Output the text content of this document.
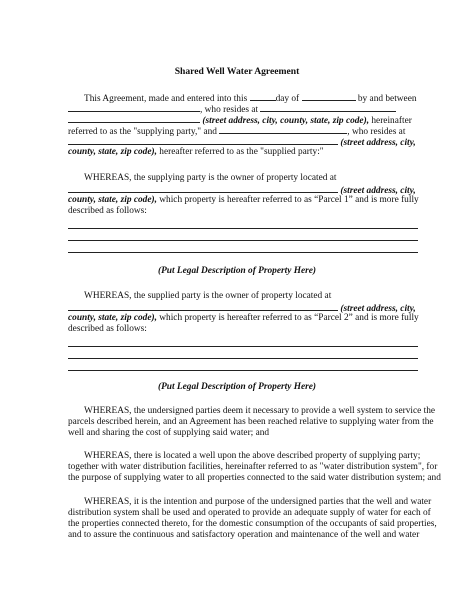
Shared Well Water Agreement
This Agreement, made and entered into this	day of	by and between
, who resides at
(street address, city, county, state, zip code), hereinafter
referred to as the "supplying party," and	, who resides at
(street address, city,
county, state, zip code), hereafter referred to as the "supplied party:"
WHEREAS, the supplying party is the owner of property located at
(street address, city,
county, state, zip code), which property is hereafter referred to as “Parcel 1” and is more fully
described as follows:
(Put Legal Description of Property Here)
WHEREAS, the supplied party is the owner of property located at
(street address, city,
county, state, zip code), which property is hereafter referred to as “Parcel 2” and is more fully
described as follows:
(Put Legal Description of Property Here)
WHEREAS, the undersigned parties deem it necessary to provide a well system to service the
parcels described herein, and an Agreement has been reached relative to supplying water from the
well and sharing the cost of supplying said water; and
WHEREAS, there is located a well upon the above described property of supplying party;
together with water distribution facilities, hereinafter referred to as "water distribution system", for
the purpose of supplying water to all properties connected to the said water distribution system; and
WHEREAS, it is the intention and purpose of the undersigned parties that the well and water
distribution system shall be used and operated to provide an adequate supply of water for each of
the properties connected thereto, for the domestic consumption of the occupants of said properties,
and to assure the continuous and satisfactory operation and maintenance of the well and water
